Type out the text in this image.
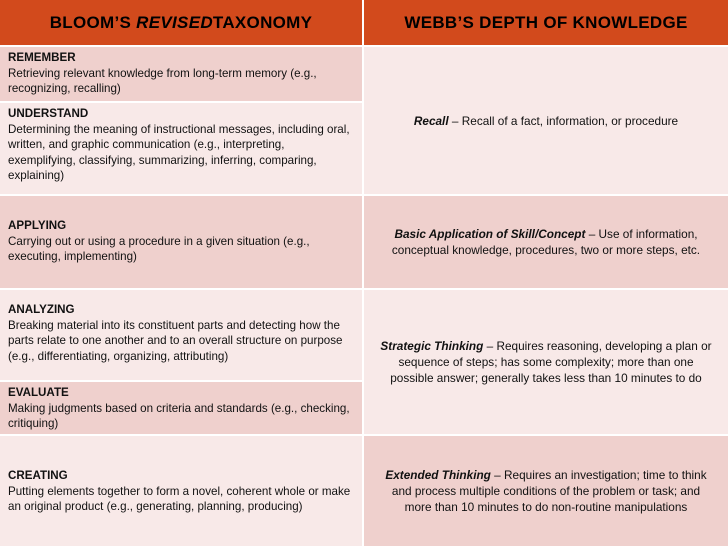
BLOOM’S
REVISED TAXONOMY	WEBB’S DEPTH OF KNOWLEDGE
REMEMBER
Retrieving relevant knowledge from long-term memory (e.g., recognizing, recalling)
UNDERSTAND
Determining the meaning of instructional messages, including oral, written, and graphic communication (e.g., interpreting, exemplifying, classifying, summarizing, inferring, comparing, explaining)
APPLYING
Carrying out or using a procedure in a given situation (e.g., executing, implementing)
ANALYZING
Breaking material into its constituent parts and detecting how the parts relate to one another and to an overall structure on purpose (e.g., differentiating, organizing, attributing)
EVALUATE
Making judgments based on criteria and standards (e.g., checking, critiquing)
CREATING
Putting elements together to form a novel, coherent whole or make an original product (e.g., generating, planning, producing)
Recall – Recall of a fact, information, or procedure
Basic Application of Skill/Concept – Use of information, conceptual knowledge, procedures, two or more steps, etc.
Strategic Thinking – Requires reasoning, developing a plan or sequence of steps; has some complexity; more than one possible answer; generally takes less than 10 minutes to do
Extended Thinking – Requires an investigation; time to think and process multiple conditions of the problem or task; and more than 10 minutes to do non-routine manipulations
